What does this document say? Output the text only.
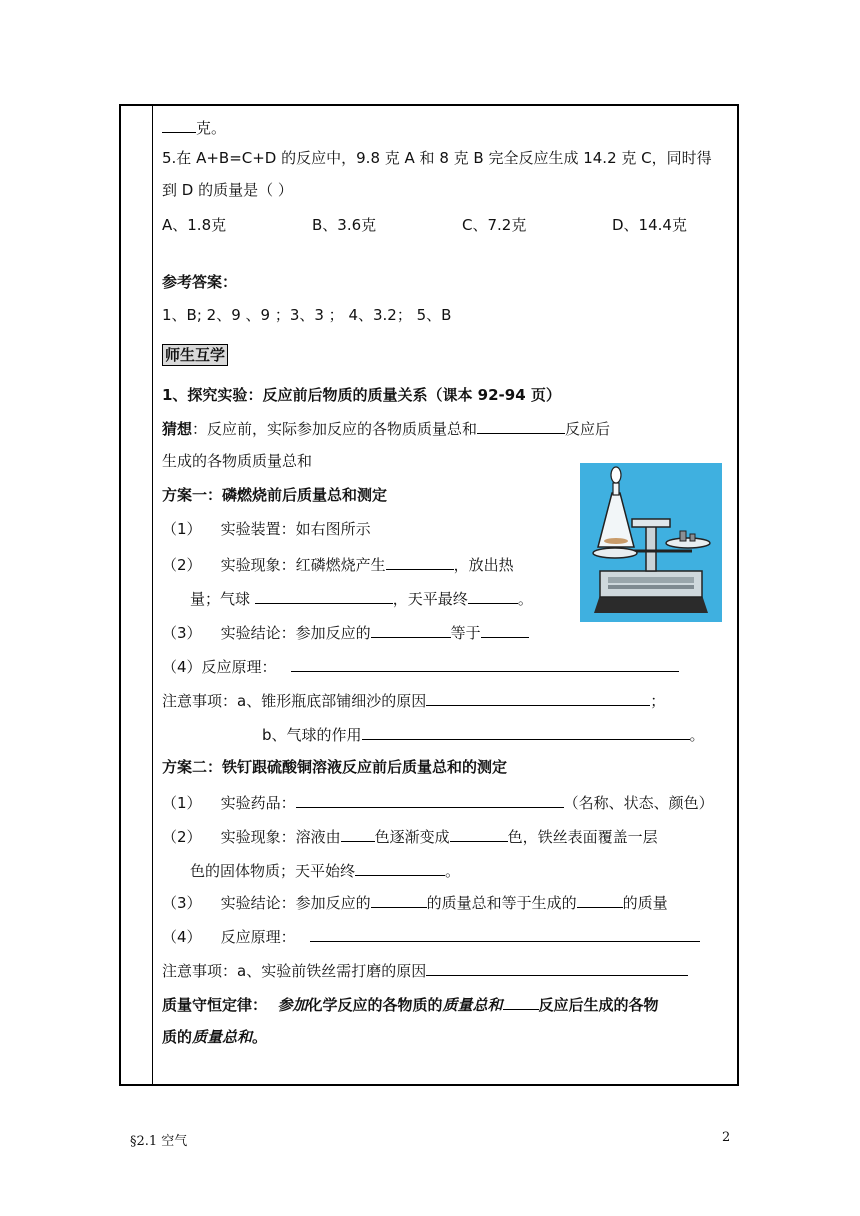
克。
5.在 A+B=C+D 的反应中，9.8 克 A 和 8 克 B 完全反应生成 14.2 克 C，同时得
到 D 的质量是（ ）
A、1.8克	B、3.6克	C、7.2克	D、14.4克
参考答案：
1、B; 2、9 、9 ；3、3 ； 4、3.2； 5、B
师生互学
1、探究实验：反应前后物质的质量关系（课本 92-94 页）
猜想：反应前，实际参加反应的各物质质量总和	反应后
生成的各物质质量总和
方案一：磷燃烧前后质量总和测定
（1） 实验装置：如右图所示
（2） 实验现象：红磷燃烧产生	，放出热
量；气球	，天平最终	。
（3） 实验结论：参加反应的	等于
（4）反应原理：
注意事项：a、锥形瓶底部铺细沙的原因	；
b、气球的作用	。
方案二：铁钉跟硫酸铜溶液反应前后质量总和的测定
（1） 实验药品：	（名称、状态、颜色）
（2） 实验现象：溶液由 色逐渐变成	色，铁丝表面覆盖一层
色的固体物质；天平始终	。
（3） 实验结论：参加反应的	的质量总和等于生成的	的质量
（4） 反应原理：
注意事项：a、实验前铁丝需打磨的原因
质量守恒定律： 参加化学反应的各物质的质量总和 反应后生成的各物
质的质量总和。
§2.1 空气	2
